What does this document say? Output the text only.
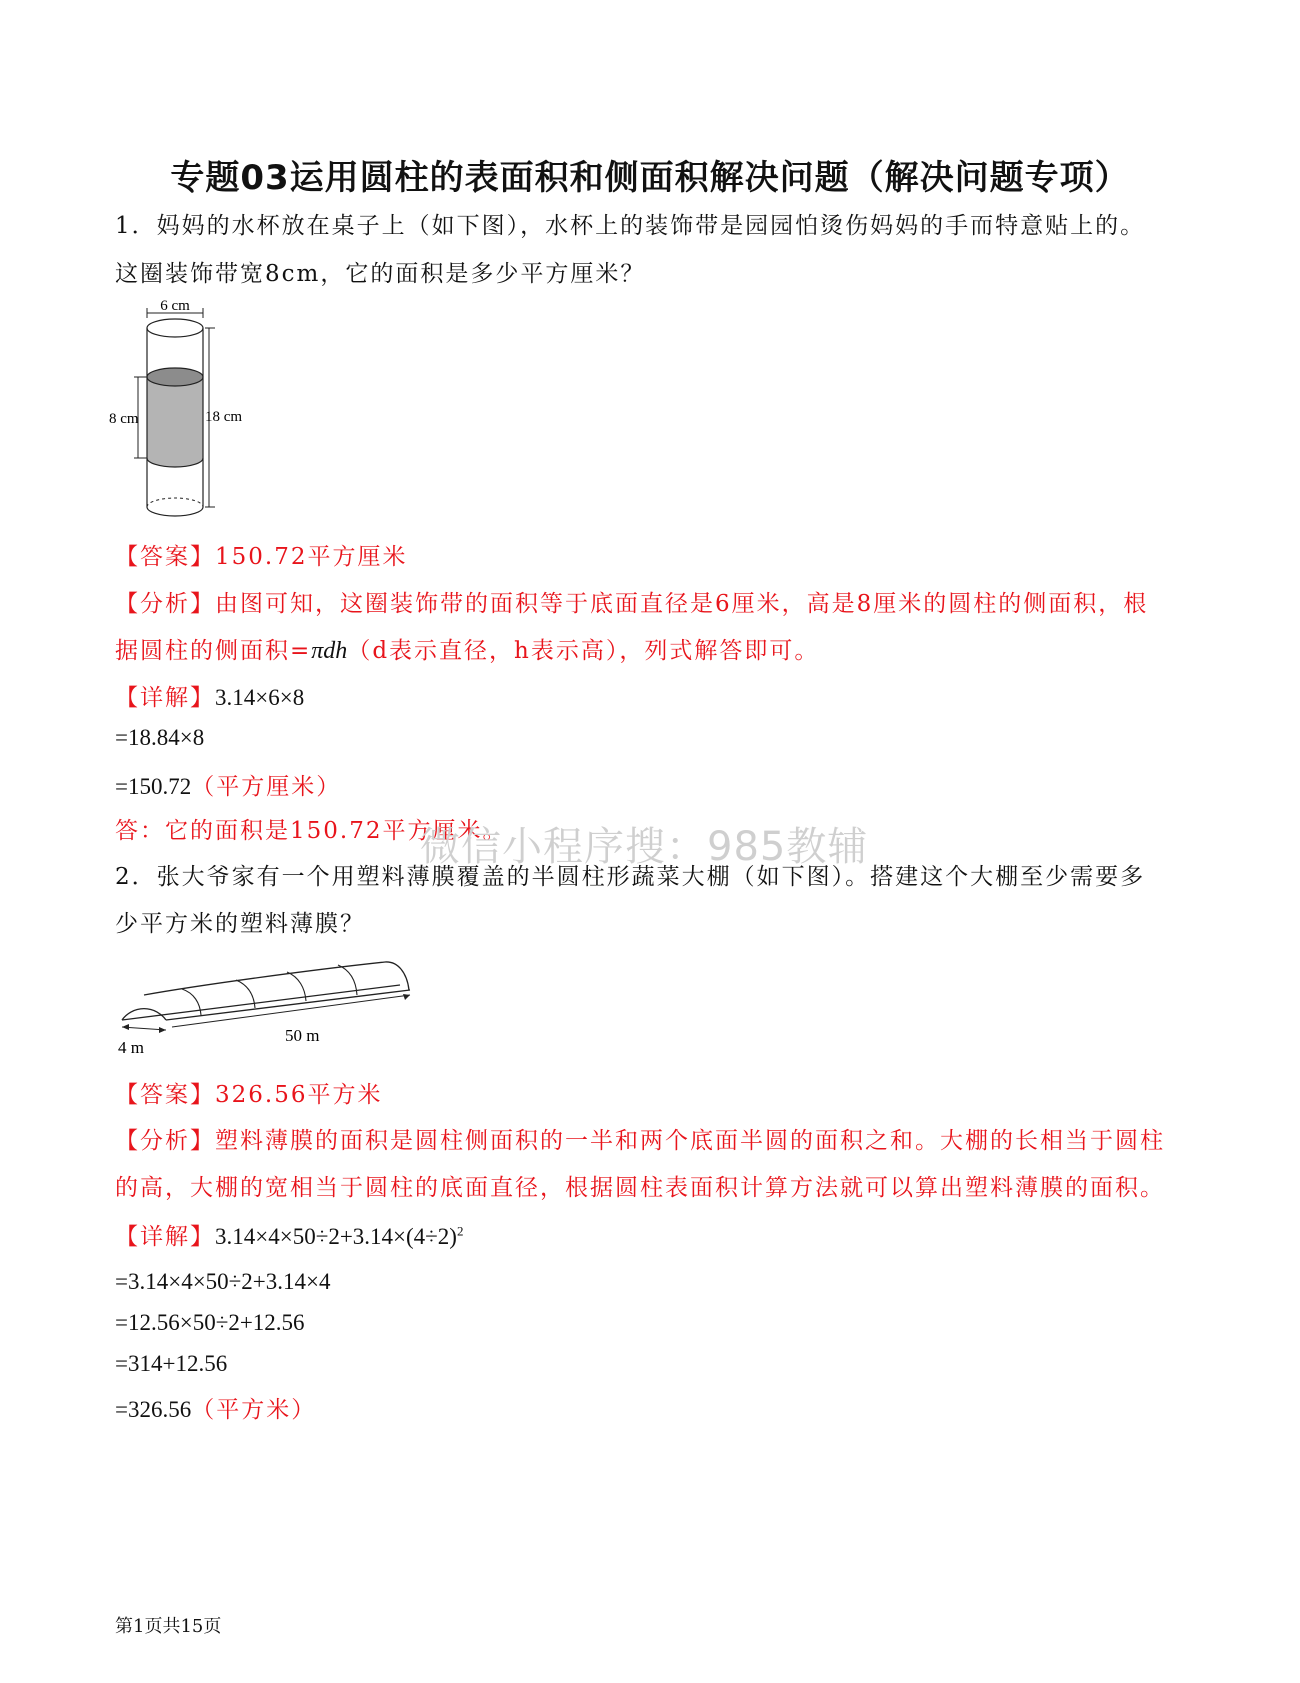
专题03运用圆柱的表面积和侧面积解决问题（解决问题专项）
1．妈妈的水杯放在桌子上（如下图），水杯上的装饰带是园园怕烫伤妈妈的手而特意贴上的。
这圈装饰带宽8cm，它的面积是多少平方厘米？
6 cm
8 cm	18 cm
【答案】150.72平方厘米
【分析】由图可知，这圈装饰带的面积等于底面直径是6厘米，高是8厘米的圆柱的侧面积，根
据圆柱的侧面积=πdh（d表示直径，h表示高），列式解答即可。
【详解】3.14×6×8
=18.84×8
=150.72（平方厘米）
答：它的面积是150.72平方厘米。
微信小程序搜：985教辅
2．张大爷家有一个用塑料薄膜覆盖的半圆柱形蔬菜大棚（如下图）。搭建这个大棚至少需要多
少平方米的塑料薄膜？
4 m
50 m
【答案】326.56平方米
【分析】塑料薄膜的面积是圆柱侧面积的一半和两个底面半圆的面积之和。大棚的长相当于圆柱
的高，大棚的宽相当于圆柱的底面直径，根据圆柱表面积计算方法就可以算出塑料薄膜的面积。
【详解】$3.14\times 4\times 50\div 2+3.14\times(4\div 2)^2$
=3.14×4×50÷2+3.14×4
=12.56×50÷2+12.56
=314+12.56
=326.56（平方米）
第1页共15页
